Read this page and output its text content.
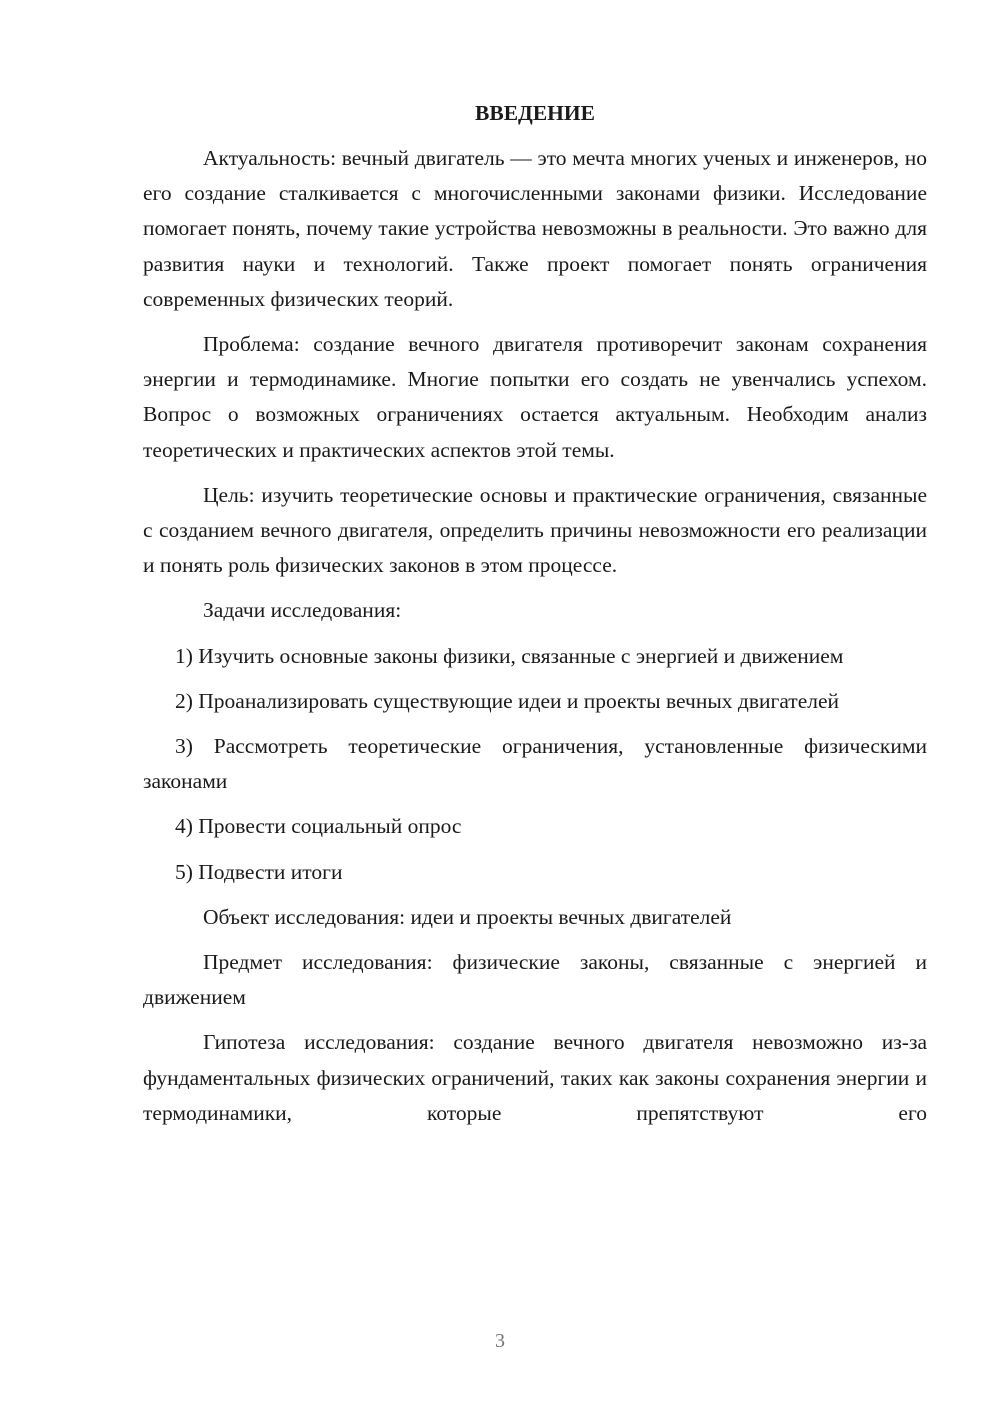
ВВЕДЕНИЕ

Актуальность: вечный двигатель — это мечта многих ученых и инженеров, но его создание сталкивается с многочисленными законами физики. Исследование помогает понять, почему такие устройства невозможны в реальности. Это важно для развития науки и технологий. Также проект помогает понять ограничения современных физических теорий.

Проблема: создание вечного двигателя противоречит законам сохранения энергии и термодинамике. Многие попытки его создать не увенчались успехом. Вопрос о возможных ограничениях остается актуальным. Необходим анализ теоретических и практических аспектов этой темы.

Цель: изучить теоретические основы и практические ограничения, связанные с созданием вечного двигателя, определить причины невозможности его реализации и понять роль физических законов в этом процессе.

Задачи исследования:

1) Изучить основные законы физики, связанные с энергией и движением

2) Проанализировать существующие идеи и проекты вечных двигателей

3) Рассмотреть теоретические ограничения, установленные физическими законами

4) Провести социальный опрос

5) Подвести итоги

Объект исследования: идеи и проекты вечных двигателей

Предмет исследования: физические законы, связанные с энергией и движением

Гипотеза исследования: создание вечного двигателя невозможно из-за фундаментальных физических ограничений, таких как законы сохранения энергии и термодинамики, которые препятствуют его

3
